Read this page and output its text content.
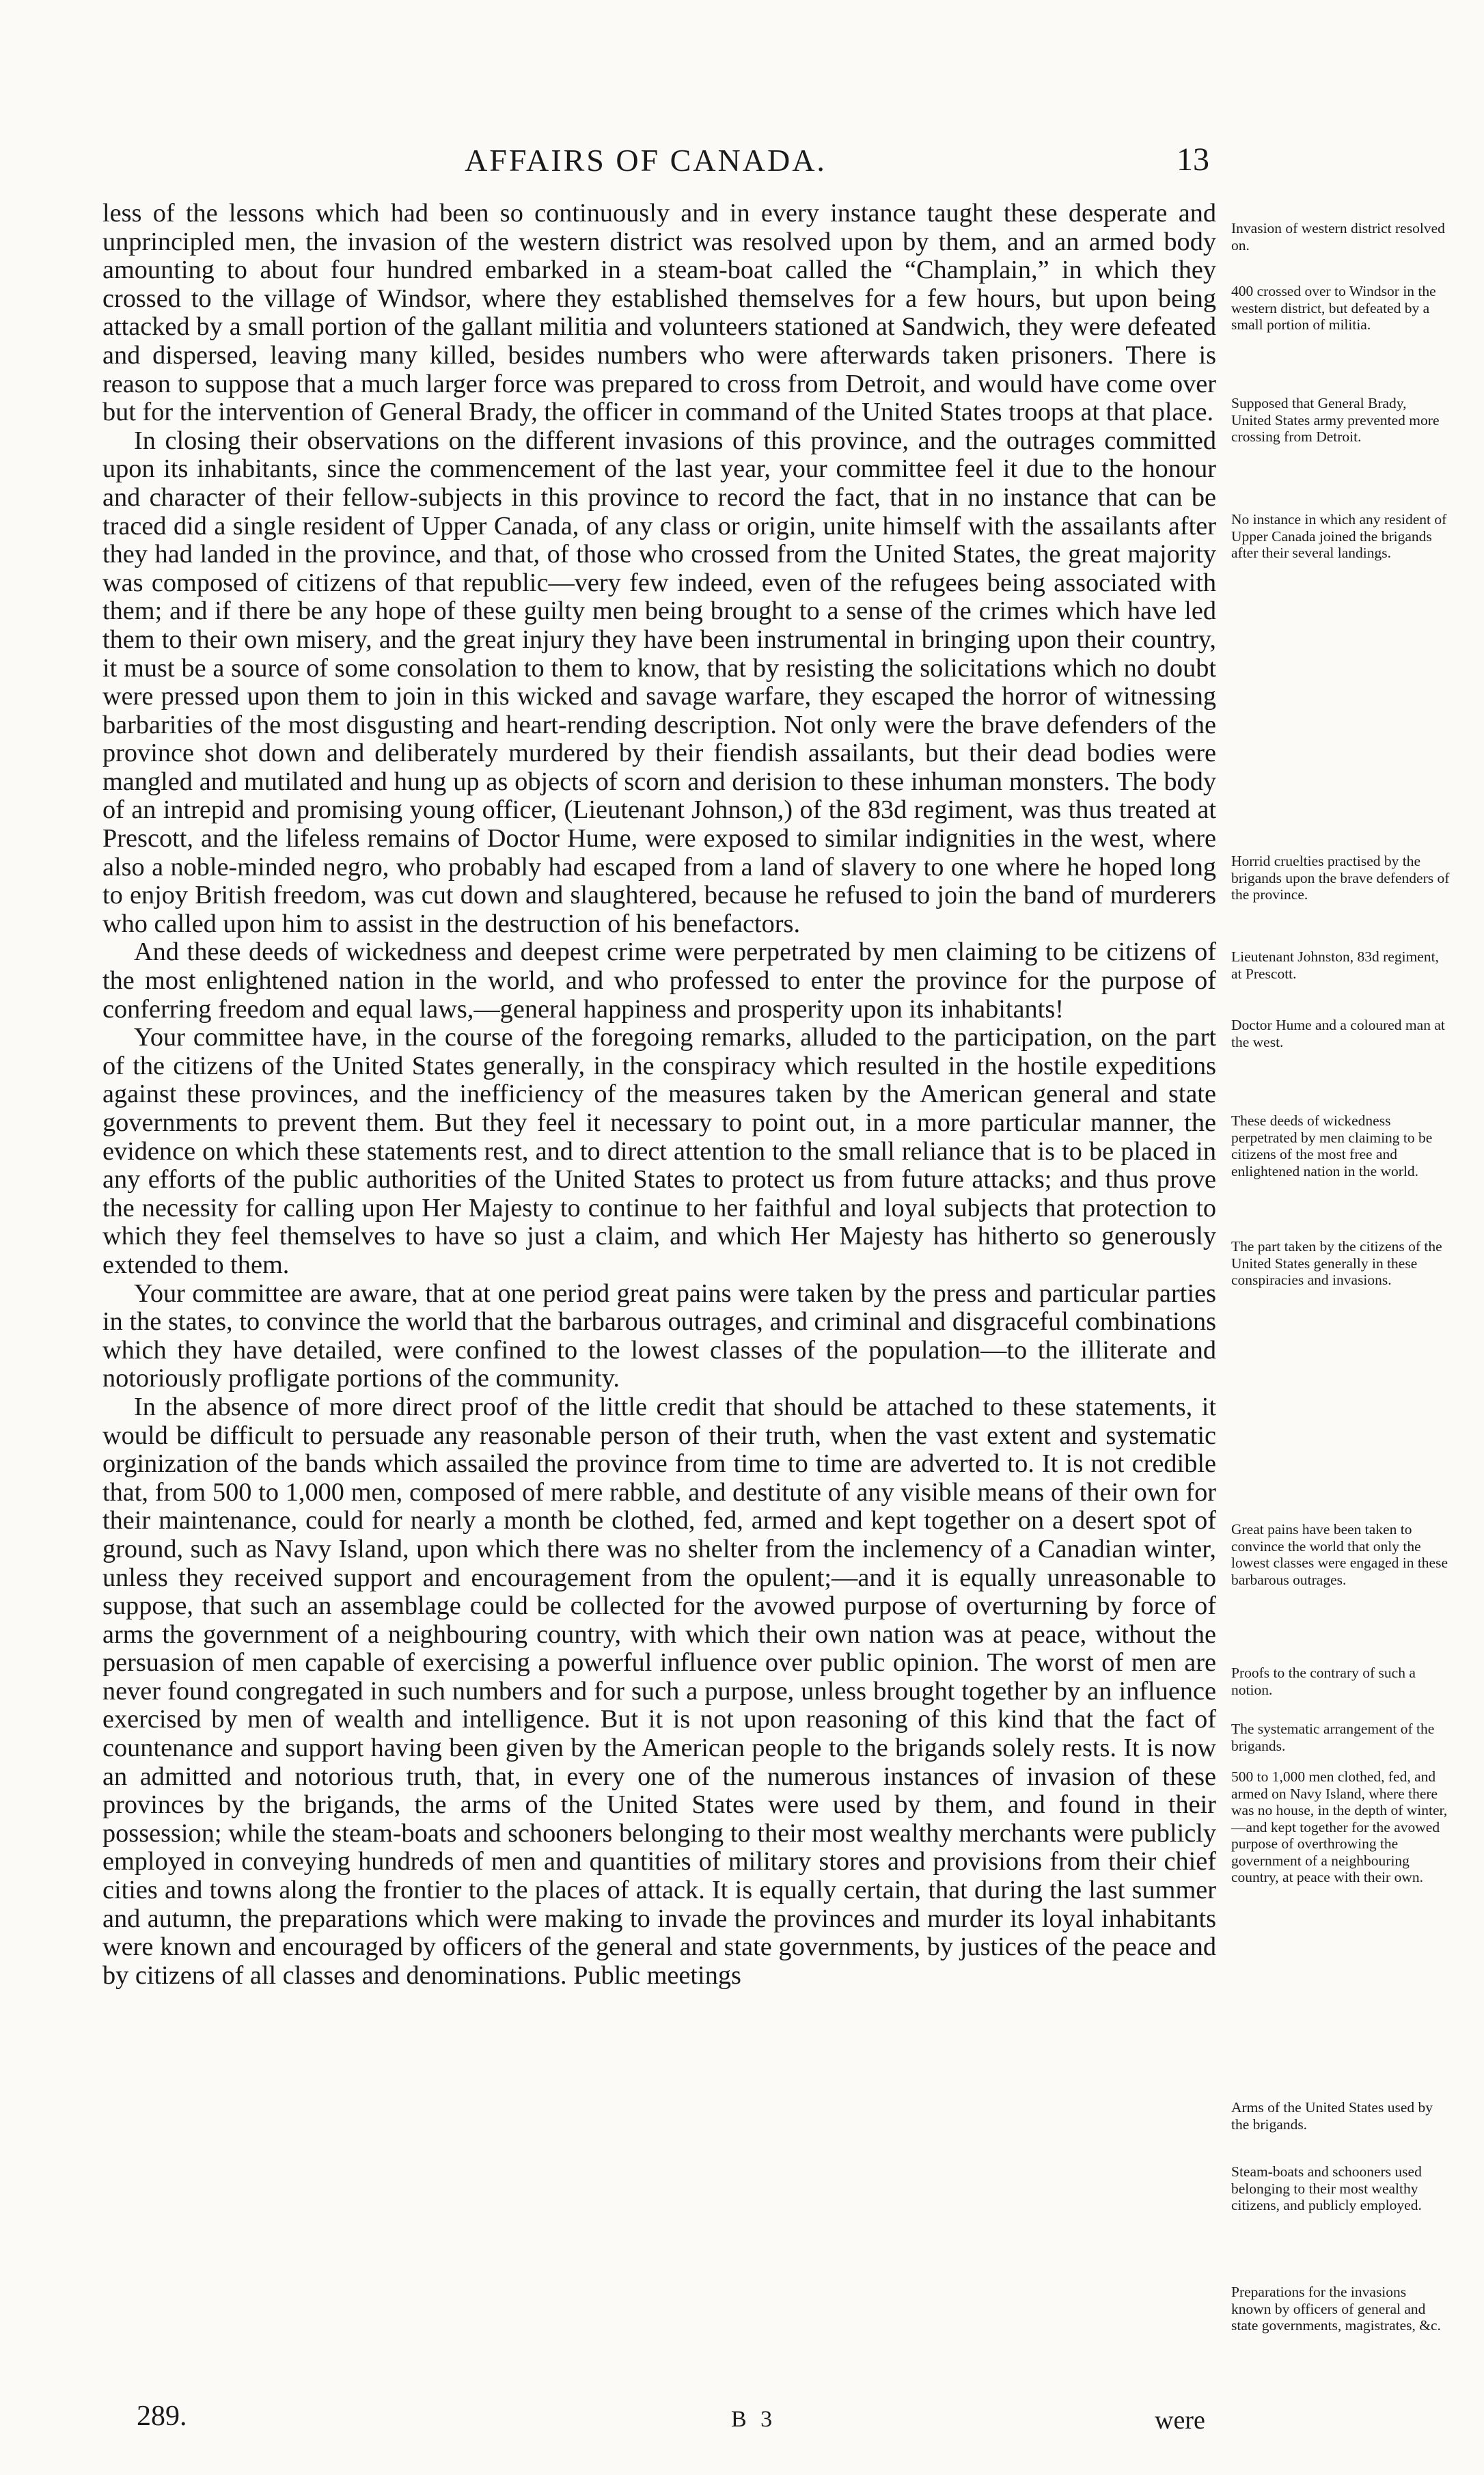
AFFAIRS OF CANADA.	13

less of the lessons which had been so continuously and in every instance taught these desperate and unprincipled men, the invasion of the western district was resolved upon by them, and an armed body amounting to about four hundred embarked in a steam-boat called the “Champlain,” in which they crossed to the village of Windsor, where they established themselves for a few hours, but upon being attacked by a small portion of the gallant militia and volunteers stationed at Sandwich, they were defeated and dispersed, leaving many killed, besides numbers who were afterwards taken prisoners. There is reason to suppose that a much larger force was prepared to cross from Detroit, and would have come over but for the intervention of General Brady, the officer in command of the United States troops at that place.

In closing their observations on the different invasions of this province, and the outrages committed upon its inhabitants, since the commencement of the last year, your committee feel it due to the honour and character of their fellow-subjects in this province to record the fact, that in no instance that can be traced did a single resident of Upper Canada, of any class or origin, unite himself with the assailants after they had landed in the province, and that, of those who crossed from the United States, the great majority was composed of citizens of that republic—very few indeed, even of the refugees being associated with them; and if there be any hope of these guilty men being brought to a sense of the crimes which have led them to their own misery, and the great injury they have been instrumental in bringing upon their country, it must be a source of some consolation to them to know, that by resisting the solicitations which no doubt were pressed upon them to join in this wicked and savage warfare, they escaped the horror of witnessing barbarities of the most disgusting and heart-rending description. Not only were the brave defenders of the province shot down and deliberately murdered by their fiendish assailants, but their dead bodies were mangled and mutilated and hung up as objects of scorn and derision to these inhuman monsters. The body of an intrepid and promising young officer, (Lieutenant Johnson,) of the 83d regiment, was thus treated at Prescott, and the lifeless remains of Doctor Hume, were exposed to similar indignities in the west, where also a noble-minded negro, who probably had escaped from a land of slavery to one where he hoped long to enjoy British freedom, was cut down and slaughtered, because he refused to join the band of murderers who called upon him to assist in the destruction of his benefactors.

And these deeds of wickedness and deepest crime were perpetrated by men claiming to be citizens of the most enlightened nation in the world, and who professed to enter the province for the purpose of conferring freedom and equal laws,—general happiness and prosperity upon its inhabitants!

Your committee have, in the course of the foregoing remarks, alluded to the participation, on the part of the citizens of the United States generally, in the conspiracy which resulted in the hostile expeditions against these provinces, and the inefficiency of the measures taken by the American general and state governments to prevent them. But they feel it necessary to point out, in a more particular manner, the evidence on which these statements rest, and to direct attention to the small reliance that is to be placed in any efforts of the public authorities of the United States to protect us from future attacks; and thus prove the necessity for calling upon Her Majesty to continue to her faithful and loyal subjects that protection to which they feel themselves to have so just a claim, and which Her Majesty has hitherto so generously extended to them.

Your committee are aware, that at one period great pains were taken by the press and particular parties in the states, to convince the world that the barbarous outrages, and criminal and disgraceful combinations which they have detailed, were confined to the lowest classes of the population—to the illiterate and notoriously profligate portions of the community.

In the absence of more direct proof of the little credit that should be attached to these statements, it would be difficult to persuade any reasonable person of their truth, when the vast extent and systematic orginization of the bands which assailed the province from time to time are adverted to. It is not credible that, from 500 to 1,000 men, composed of mere rabble, and destitute of any visible means of their own for their maintenance, could for nearly a month be clothed, fed, armed and kept together on a desert spot of ground, such as Navy Island, upon which there was no shelter from the inclemency of a Canadian winter, unless they received support and encouragement from the opulent;—and it is equally unreasonable to suppose, that such an assemblage could be collected for the avowed purpose of overturning by force of arms the government of a neighbouring country, with which their own nation was at peace, without the persuasion of men capable of exercising a powerful influence over public opinion. The worst of men are never found congregated in such numbers and for such a purpose, unless brought together by an influence exercised by men of wealth and intelligence. But it is not upon reasoning of this kind that the fact of countenance and support having been given by the American people to the brigands solely rests. It is now an admitted and notorious truth, that, in every one of the numerous instances of invasion of these provinces by the brigands, the arms of the United States were used by them, and found in their possession; while the steam-boats and schooners belonging to their most wealthy merchants were publicly employed in conveying hundreds of men and quantities of military stores and provisions from their chief cities and towns along the frontier to the places of attack. It is equally certain, that during the last summer and autumn, the preparations which were making to invade the provinces and murder its loyal inhabitants were known and encouraged by officers of the general and state governments, by justices of the peace and by citizens of all classes and denominations. Public meetings

Invasion of western district resolved on.
400 crossed over to Windsor in the western district, but defeated by a small portion of militia.
Supposed that General Brady, United States army prevented more crossing from Detroit.
No instance in which any resident of Upper Canada joined the brigands after their several landings.
Horrid cruelties practised by the brigands upon the brave defenders of the province.
Lieutenant Johnston, 83d regiment, at Prescott.
Doctor Hume and a coloured man at the west.
These deeds of wickedness perpetrated by men claiming to be citizens of the most free and enlightened nation in the world.
The part taken by the citizens of the United States generally in these conspiracies and invasions.
Great pains have been taken to convince the world that only the lowest classes were engaged in these barbarous outrages.
Proofs to the contrary of such a notion.
The systematic arrangement of the brigands.
500 to 1,000 men clothed, fed, and armed on Navy Island, where there was no house, in the depth of winter,—and kept together for the avowed purpose of overthrowing the government of a neighbouring country, at peace with their own.
Arms of the United States used by the brigands.
Steam-boats and schooners used belonging to their most wealthy citizens, and publicly employed.
Preparations for the invasions known by officers of general and state governments, magistrates, &c.
289.	B 3	were
